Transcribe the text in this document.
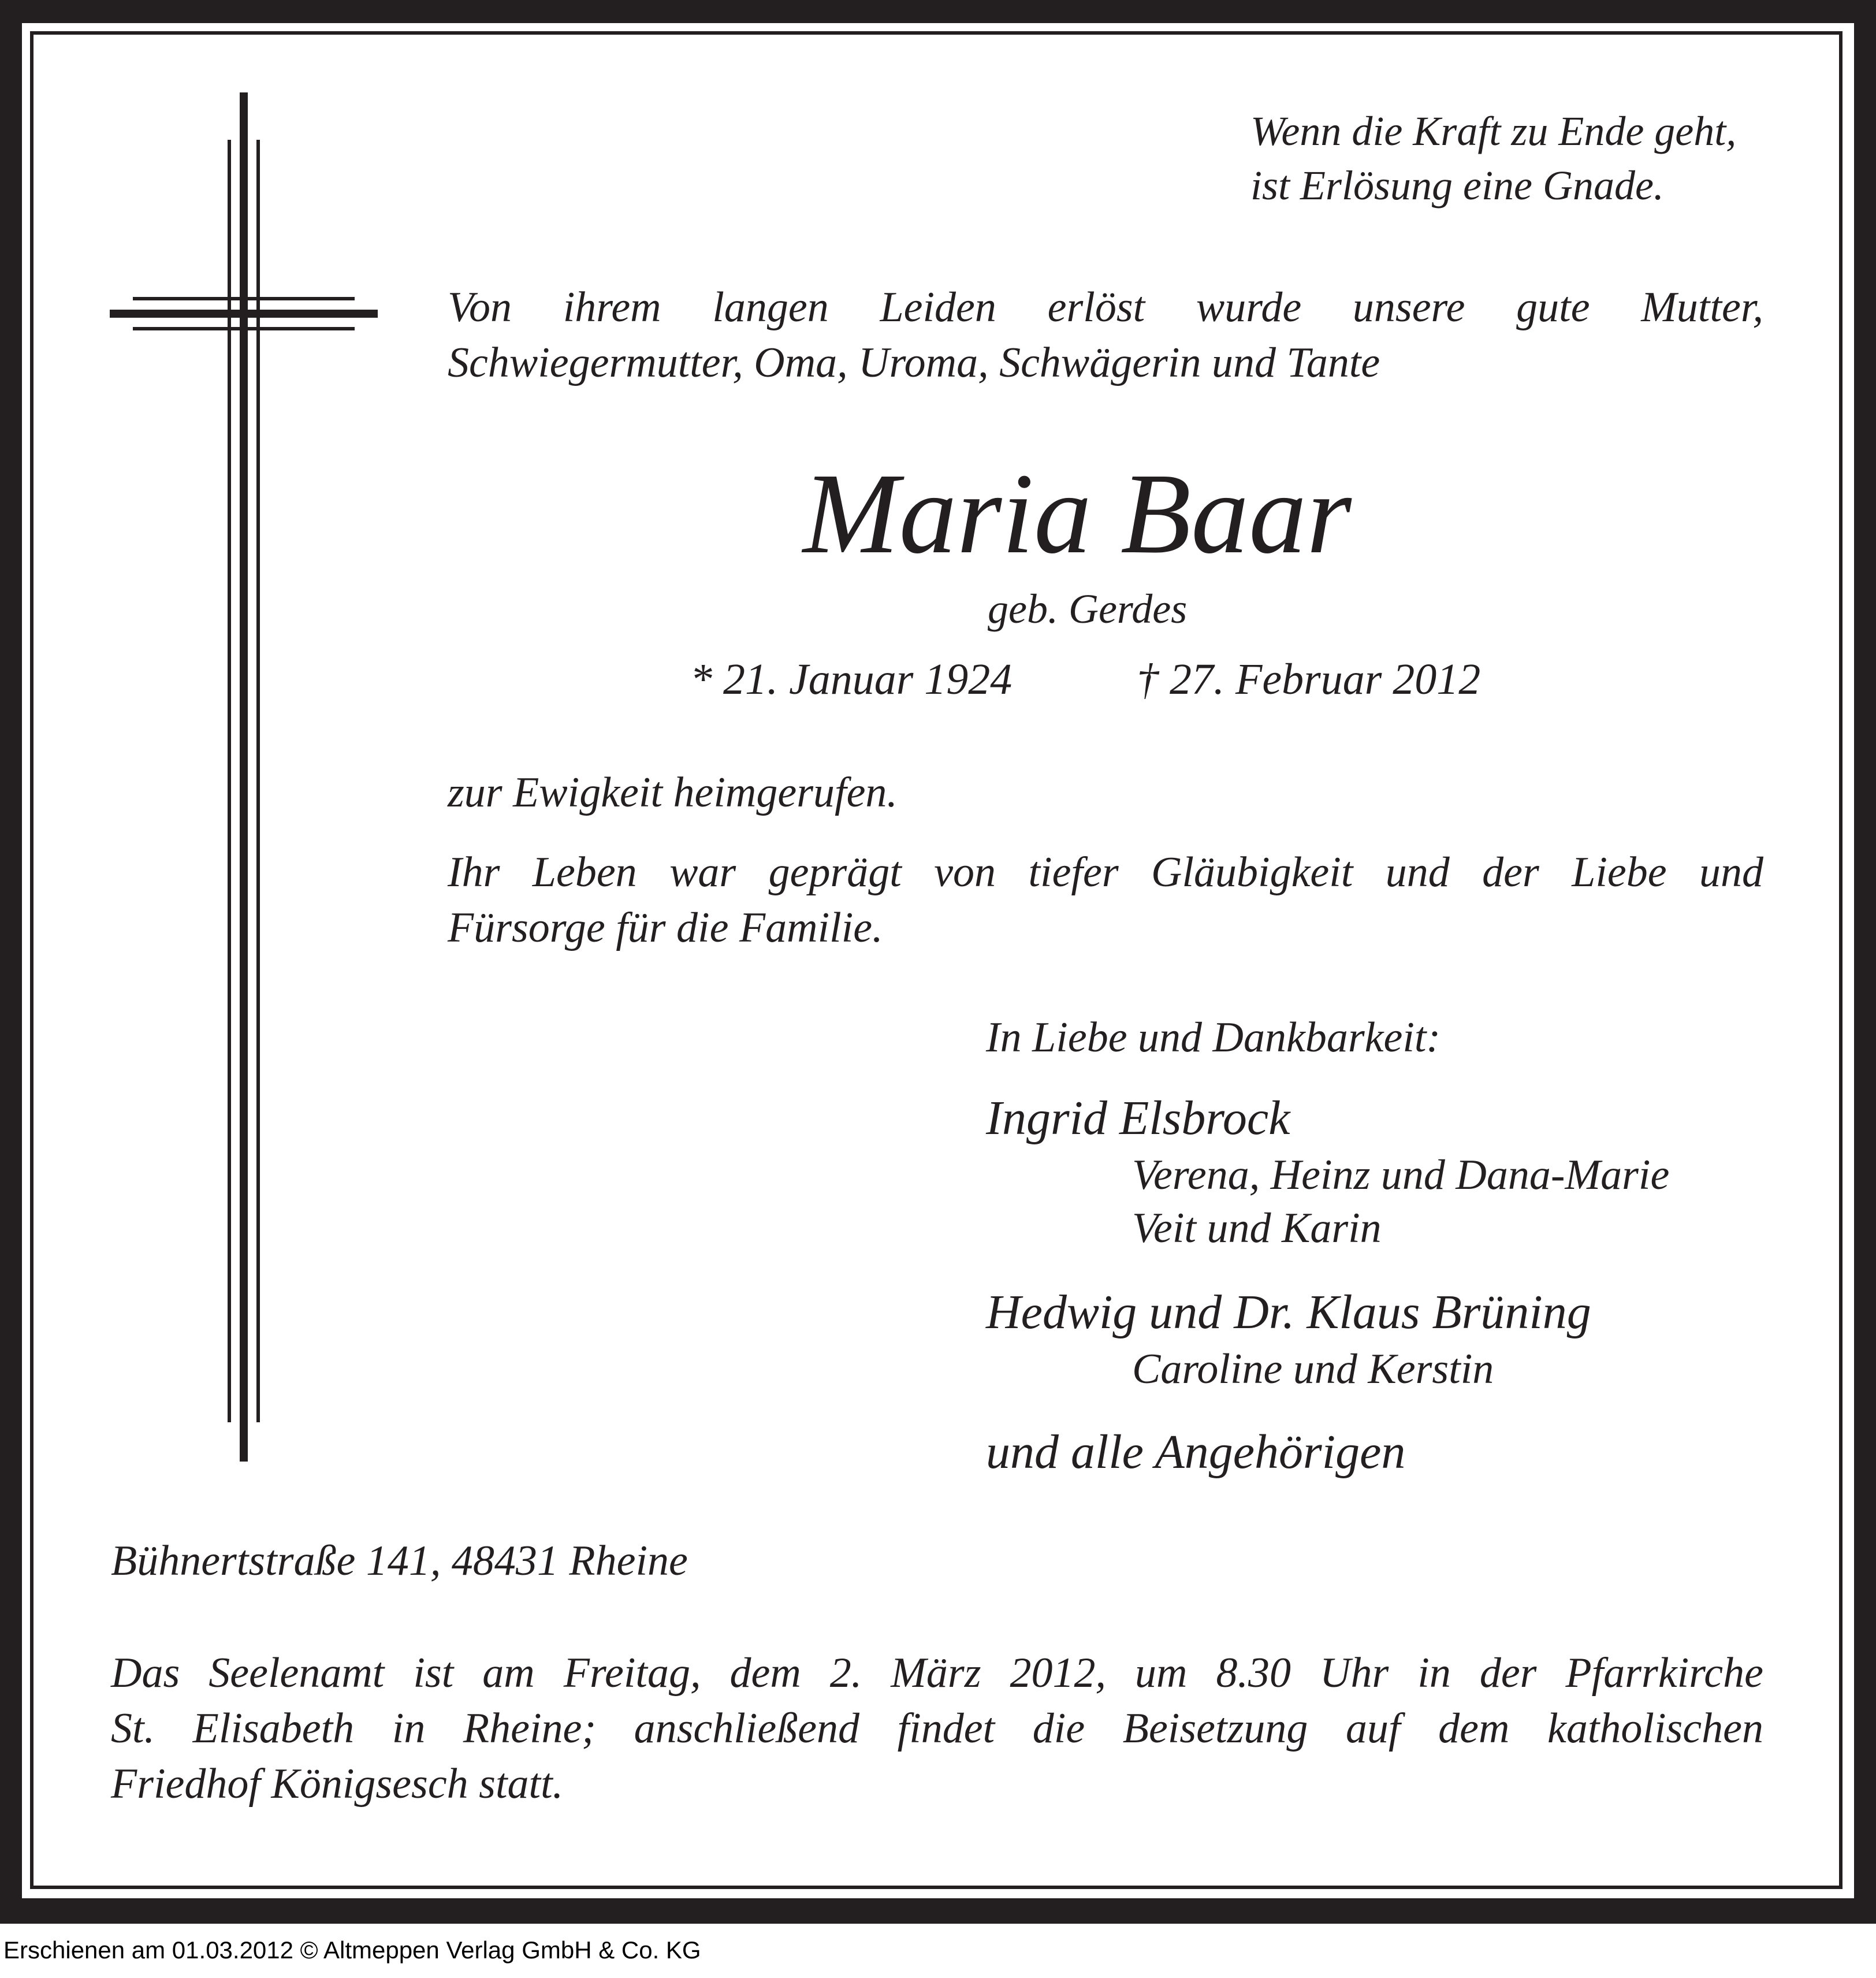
Wenn die Kraft zu Ende geht,
ist Erlösung eine Gnade.
Von ihrem langen Leiden erlöst wurde unsere gute Mutter,
Schwiegermutter, Oma, Uroma, Schwägerin und Tante
Maria Baar
geb. Gerdes
* 21. Januar 1924	† 27. Februar 2012
zur Ewigkeit heimgerufen.
Ihr Leben war geprägt von tiefer Gläubigkeit und der Liebe und
Fürsorge für die Familie.
In Liebe und Dankbarkeit:
Ingrid Elsbrock
Verena, Heinz und Dana-Marie
Veit und Karin
Hedwig und Dr. Klaus Brüning
Caroline und Kerstin
und alle Angehörigen
Bühnertstraße 141, 48431 Rheine
Das Seelenamt ist am Freitag, dem 2. März 2012, um 8.30 Uhr in der Pfarrkirche
St. Elisabeth in Rheine; anschließend findet die Beisetzung auf dem katholischen
Friedhof Königsesch statt.
Erschienen am 01.03.2012 © Altmeppen Verlag GmbH & Co. KG
